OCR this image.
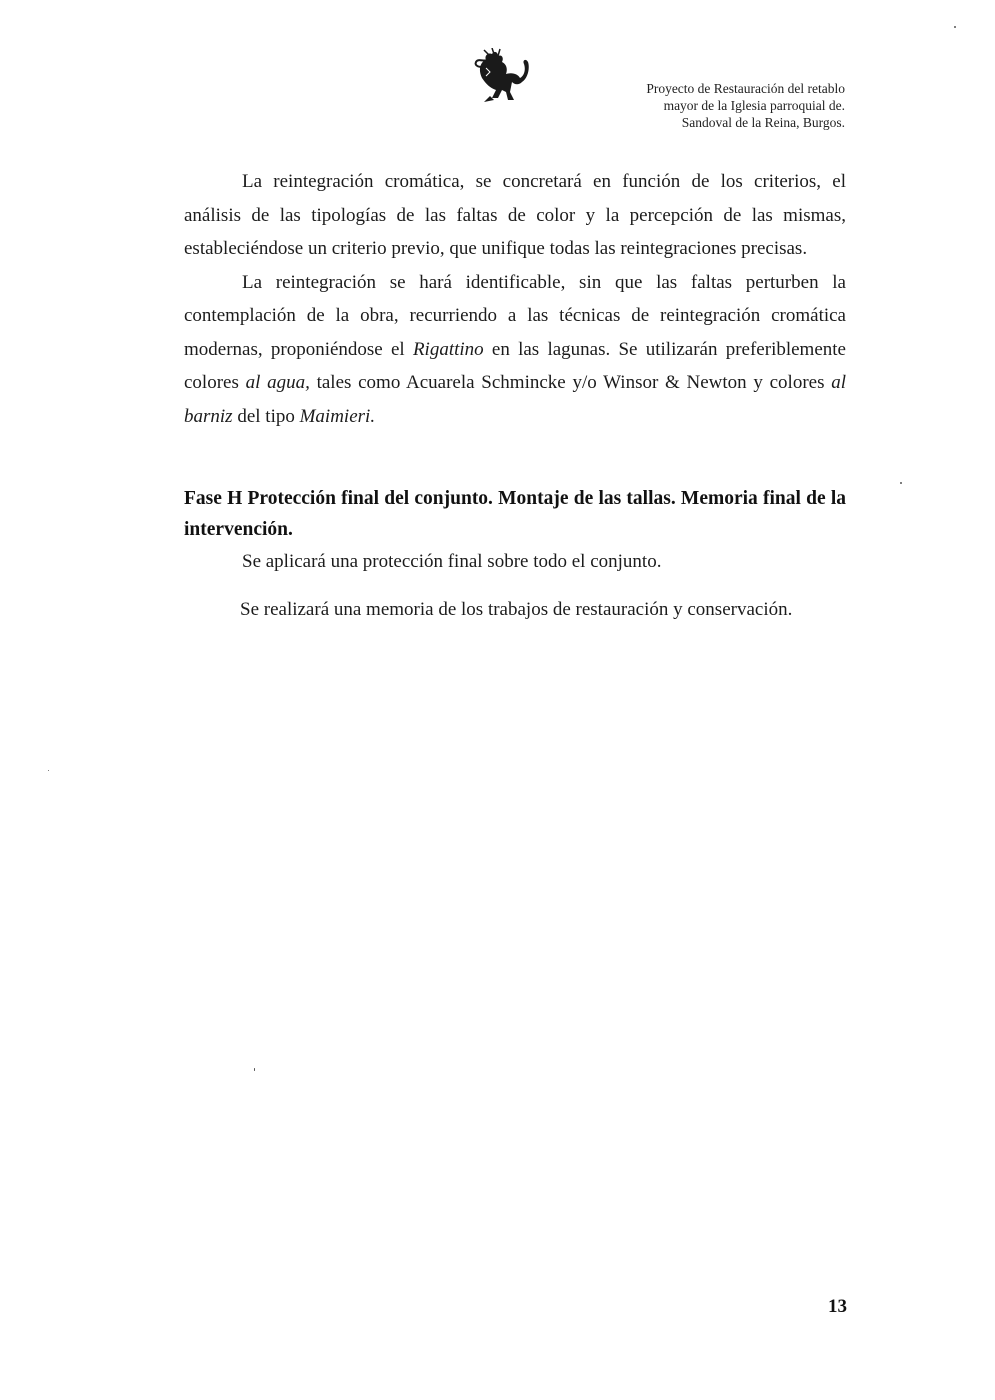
Proyecto de Restauración del retablo
mayor de la Iglesia parroquial de.
Sandoval de la Reina, Burgos.
La reintegración cromática, se concretará en función de los criterios, el
análisis de las tipologías de las faltas de color y la percepción de las mismas,
estableciéndose un criterio previo, que unifique todas las reintegraciones precisas.
La reintegración se hará identificable, sin que las faltas perturben la
contemplación de la obra, recurriendo a las técnicas de reintegración cromática
modernas, proponiéndose el Rigattino en las lagunas. Se utilizarán preferiblemente
colores al agua, tales como Acuarela Schmincke y/o Winsor & Newton y colores al
barniz del tipo Maimieri.
Fase H Protección final del conjunto. Montaje de las tallas. Memoria final de la
intervención.
Se aplicará una protección final sobre todo el conjunto.
Se realizará una memoria de los trabajos de restauración y conservación.
13
